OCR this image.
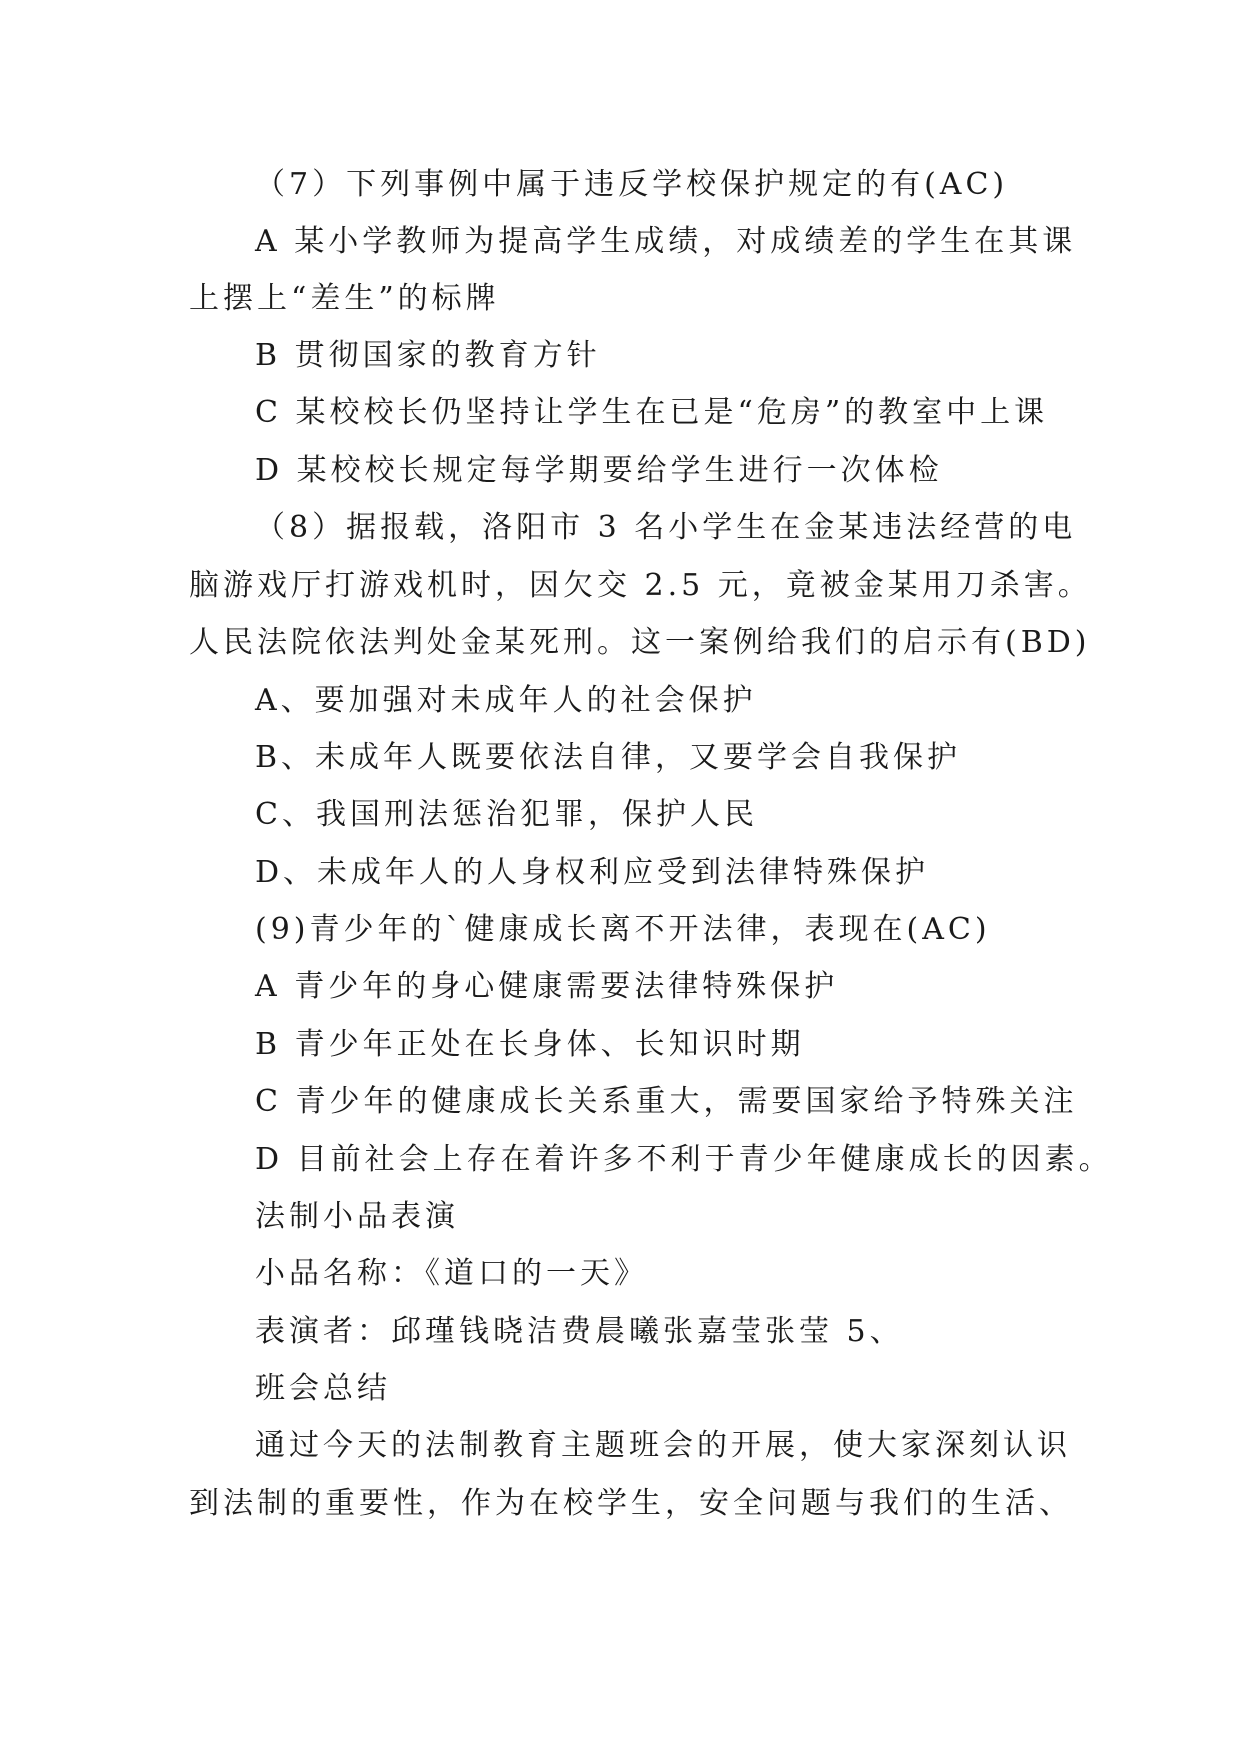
（7）下列事例中属于违反学校保护规定的有(AC)
A 某小学教师为提高学生成绩，对成绩差的学生在其课
上摆上“差生”的标牌
B 贯彻国家的教育方针
C 某校校长仍坚持让学生在已是“危房”的教室中上课
D 某校校长规定每学期要给学生进行一次体检
（8）据报载，洛阳市 3 名小学生在金某违法经营的电
脑游戏厅打游戏机时，因欠交 2.5 元，竟被金某用刀杀害。
人民法院依法判处金某死刑。这一案例给我们的启示有(BD)
A、要加强对未成年人的社会保护
B、未成年人既要依法自律，又要学会自我保护
C、我国刑法惩治犯罪，保护人民
D、未成年人的人身权利应受到法律特殊保护
(9)青少年的`健康成长离不开法律，表现在(AC)
A 青少年的身心健康需要法律特殊保护
B 青少年正处在长身体、长知识时期
C 青少年的健康成长关系重大，需要国家给予特殊关注
D 目前社会上存在着许多不利于青少年健康成长的因素。
法制小品表演
小品名称：《道口的一天》
表演者：邱瑾钱晓洁费晨曦张嘉莹张莹 5、
班会总结
通过今天的法制教育主题班会的开展，使大家深刻认识
到法制的重要性，作为在校学生，安全问题与我们的生活、
